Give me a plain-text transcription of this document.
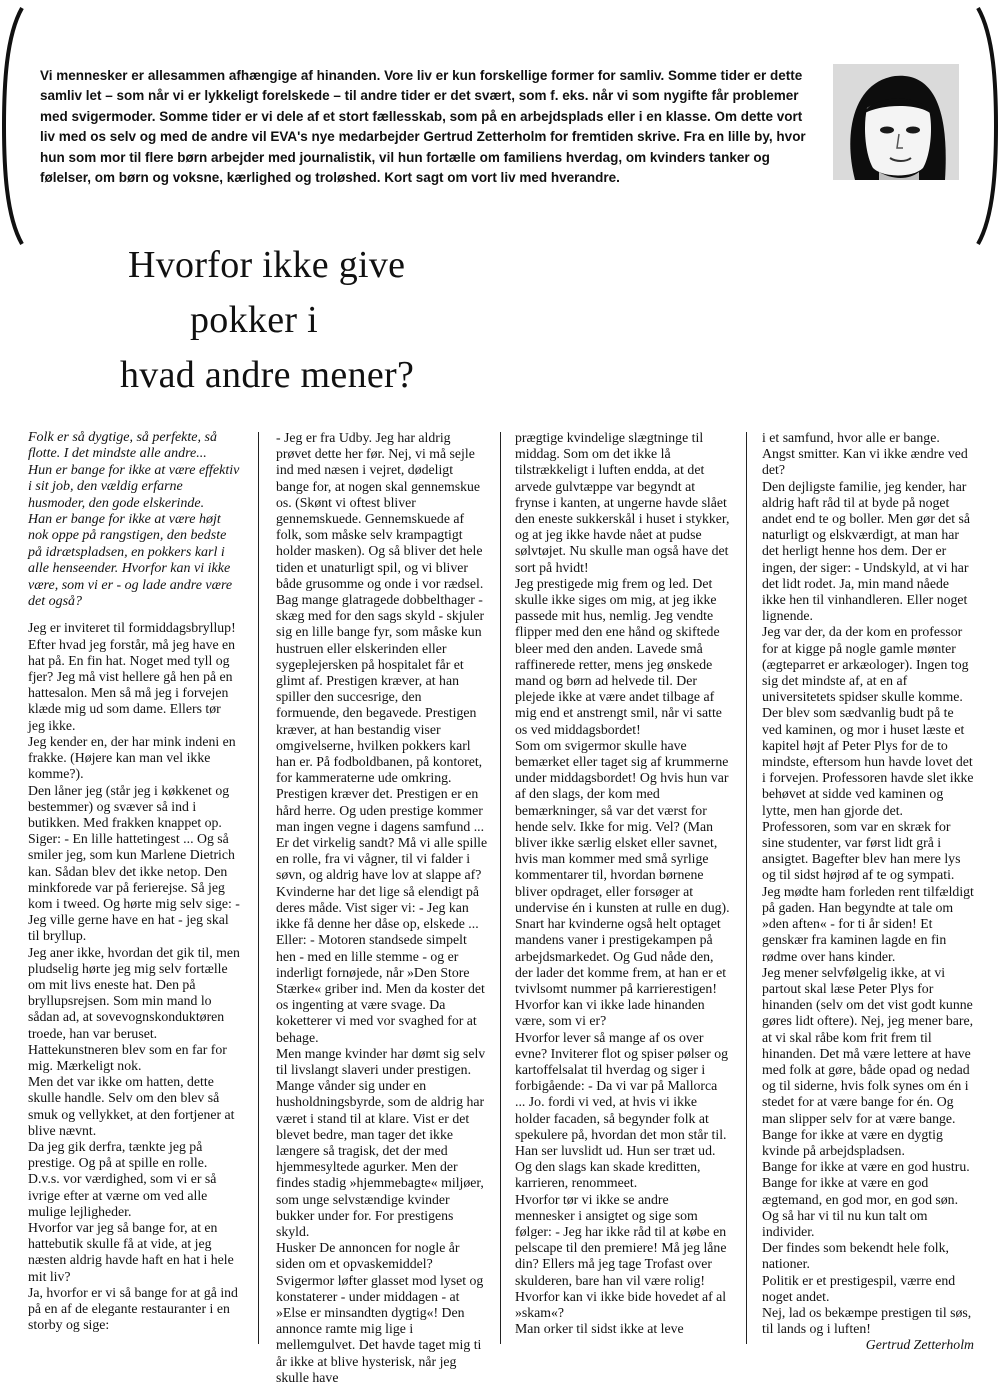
Vi mennesker er allesammen afhængige af hinanden. Vore liv er kun forskellige former for samliv. Somme tider er dette samliv let – som når vi er lykkeligt forelskede – til andre tider er det svært, som f. eks. når vi som nygifte får problemer med svigermoder. Somme tider er vi dele af et stort fællesskab, som på en arbejdsplads eller i en klasse. Om dette vort liv med os selv og med de andre vil EVA's nye medarbejder Gertrud Zetterholm for fremtiden skrive. Fra en lille by, hvor hun som mor til flere børn arbejder med journalistik, vil hun fortælle om familiens hverdag, om kvinders tanker og følelser, om børn og voksne, kærlighed og troløshed. Kort sagt om vort liv med hverandre.

Hvorfor ikke give
pokker i
hvad andre mener?

Folk er så dygtige, så perfekte, så flotte. I det mindste alle andre...

Hun er bange for ikke at være effektiv i sit job, den vældig erfarne husmoder, den gode elskerinde.

Han er bange for ikke at være højt nok oppe på rangstigen, den bedste på idrætspladsen, en pokkers karl i alle henseender. Hvorfor kan vi ikke være, som vi er - og lade andre være det også?

Jeg er inviteret til formiddagsbryllup!

Efter hvad jeg forstår, må jeg have en hat på. En fin hat. Noget med tyll og fjer? Jeg må vist hellere gå hen på en hattesalon. Men så må jeg i forvejen klæde mig ud som dame. Ellers tør jeg ikke.

Jeg kender en, der har mink indeni en frakke. (Højere kan man vel ikke komme?).

Den låner jeg (står jeg i køkkenet og bestemmer) og svæver så ind i butikken. Med frakken knappet op. Siger: - En lille hattetingest ... Og så smiler jeg, som kun Marlene Dietrich kan. Sådan blev det ikke netop. Den minkforede var på ferierejse. Så jeg kom i tweed. Og hørte mig selv sige: - Jeg ville gerne have en hat - jeg skal til bryllup.

Jeg aner ikke, hvordan det gik til, men pludselig hørte jeg mig selv fortælle om mit livs eneste hat. Den på bryllupsrejsen. Som min mand lo sådan ad, at sovevognskonduktøren troede, han var beruset.

Hattekunstneren blev som en far for mig. Mærkeligt nok.

Men det var ikke om hatten, dette skulle handle. Selv om den blev så smuk og vellykket, at den fortjener at blive nævnt.

Da jeg gik derfra, tænkte jeg på prestige. Og på at spille en rolle. D.v.s. vor værdighed, som vi er så ivrige efter at værne om ved alle mulige lejligheder.

Hvorfor var jeg så bange for, at en hattebutik skulle få at vide, at jeg næsten aldrig havde haft en hat i hele mit liv?

Ja, hvorfor er vi så bange for at gå ind på en af de elegante restauranter i en storby og sige:

- Jeg er fra Udby. Jeg har aldrig prøvet dette her før. Nej, vi må sejle ind med næsen i vejret, dødeligt bange for, at nogen skal gennemskue os. (Skønt vi oftest bliver gennemskuede. Gennemskuede af folk, som måske selv krampagtigt holder masken). Og så bliver det hele tiden et unaturligt spil, og vi bliver både grusomme og onde i vor rædsel. Bag mange glatragede dobbelthager - skæg med for den sags skyld - skjuler sig en lille bange fyr, som måske kun hustruen eller elskerinden eller sygeplejersken på hospitalet får et glimt af. Prestigen kræver, at han spiller den succesrige, den formuende, den begavede. Prestigen kræver, at han bestandig viser omgivelserne, hvilken pokkers karl han er. På fodboldbanen, på kontoret, for kammeraterne ude omkring. Prestigen kræver det. Prestigen er en hård herre. Og uden prestige kommer man ingen vegne i dagens samfund ... Er det virkelig sandt? Må vi alle spille en rolle, fra vi vågner, til vi falder i søvn, og aldrig have lov at slappe af?

Kvinderne har det lige så elendigt på deres måde. Vist siger vi: - Jeg kan ikke få denne her dåse op, elskede ... Eller: - Motoren standsede simpelt hen - med en lille stemme - og er inderligt fornøjede, når »Den Store Stærke« griber ind. Men da koster det os ingenting at være svage. Da koketterer vi med vor svaghed for at behage.

Men mange kvinder har dømt sig selv til livslangt slaveri under prestigen. Mange vånder sig under en husholdningsbyrde, som de aldrig har været i stand til at klare. Vist er det blevet bedre, man tager det ikke længere så tragisk, det der med hjemmesyltede agurker. Men der findes stadig »hjemmebagte« miljøer, som unge selvstændige kvinder bukker under for. For prestigens skyld.

Husker De annoncen for nogle år siden om et opvaskemiddel? Svigermor løfter glasset mod lyset og konstaterer - under middagen - at »Else er minsandten dygtig«! Den annonce ramte mig lige i mellemgulvet. Det havde taget mig ti år ikke at blive hysterisk, når jeg skulle have

prægtige kvindelige slægtninge til middag. Som om det ikke lå tilstrækkeligt i luften endda, at det arvede gulvtæppe var begyndt at frynse i kanten, at ungerne havde slået den eneste sukkerskål i huset i stykker, og at jeg ikke havde nået at pudse sølvtøjet. Nu skulle man også have det sort på hvidt!

Jeg prestigede mig frem og led. Det skulle ikke siges om mig, at jeg ikke passede mit hus, nemlig. Jeg vendte flipper med den ene hånd og skiftede bleer med den anden. Lavede små raffinerede retter, mens jeg ønskede mand og børn ad helvede til. Der plejede ikke at være andet tilbage af mig end et anstrengt smil, når vi satte os ved middagsbordet!

Som om svigermor skulle have bemærket eller taget sig af krummerne under middagsbordet! Og hvis hun var af den slags, der kom med bemærkninger, så var det værst for hende selv. Ikke for mig. Vel? (Man bliver ikke særlig elsket eller savnet, hvis man kommer med små syrlige kommentarer til, hvordan børnene bliver opdraget, eller forsøger at undervise én i kunsten at rulle en dug).

Snart har kvinderne også helt optaget mandens vaner i prestigekampen på arbejdsmarkedet. Og Gud nåde den, der lader det komme frem, at han er et tvivlsomt nummer på karrierestigen! Hvorfor kan vi ikke lade hinanden være, som vi er?

Hvorfor lever så mange af os over evne? Inviterer flot og spiser pølser og kartoffelsalat til hverdag og siger i forbigående: - Da vi var på Mallorca ... Jo. fordi vi ved, at hvis vi ikke holder facaden, så begynder folk at spekulere på, hvordan det mon står til. Han ser luvslidt ud. Hun ser træt ud. Og den slags kan skade kreditten, karrieren, renommeet.

Hvorfor tør vi ikke se andre mennesker i ansigtet og sige som følger: - Jeg har ikke råd til at købe en pelscape til den premiere! Må jeg låne din? Ellers må jeg tage Trofast over skulderen, bare han vil være rolig! Hvorfor kan vi ikke bide hovedet af al »skam«?

Man orker til sidst ikke at leve

i et samfund, hvor alle er bange. Angst smitter. Kan vi ikke ændre ved det?

Den dejligste familie, jeg kender, har aldrig haft råd til at byde på noget andet end te og boller. Men gør det så naturligt og elskværdigt, at man har det herligt henne hos dem. Der er ingen, der siger: - Undskyld, at vi har det lidt rodet. Ja, min mand nåede ikke hen til vinhandleren. Eller noget lignende.

Jeg var der, da der kom en professor for at kigge på nogle gamle mønter (ægteparret er arkæologer). Ingen tog sig det mindste af, at en af universitetets spidser skulle komme. Der blev som sædvanlig budt på te ved kaminen, og mor i huset læste et kapitel højt af Peter Plys for de to mindste, eftersom hun havde lovet det i forvejen. Professoren havde slet ikke behøvet at sidde ved kaminen og lytte, men han gjorde det. Professoren, som var en skræk for sine studenter, var først lidt grå i ansigtet. Bagefter blev han mere lys og til sidst højrød af te og sympati. Jeg mødte ham forleden rent tilfældigt på gaden. Han begyndte at tale om »den aften« - for ti år siden! Et genskær fra kaminen lagde en fin rødme over hans kinder.

Jeg mener selvfølgelig ikke, at vi partout skal læse Peter Plys for hinanden (selv om det vist godt kunne gøres lidt oftere). Nej, jeg mener bare, at vi skal råbe kom frit frem til hinanden. Det må være lettere at have med folk at gøre, både opad og nedad og til siderne, hvis folk synes om én i stedet for at være bange for én. Og man slipper selv for at være bange.

Bange for ikke at være en dygtig kvinde på arbejdspladsen.

Bange for ikke at være en god hustru.

Bange for ikke at være en god ægtemand, en god mor, en god søn.

Og så har vi til nu kun talt om individer.

Der findes som bekendt hele folk, nationer.

Politik er et prestigespil, værre end noget andet.

Nej, lad os bekæmpe prestigen til søs, til lands og i luften!

Gertrud Zetterholm
